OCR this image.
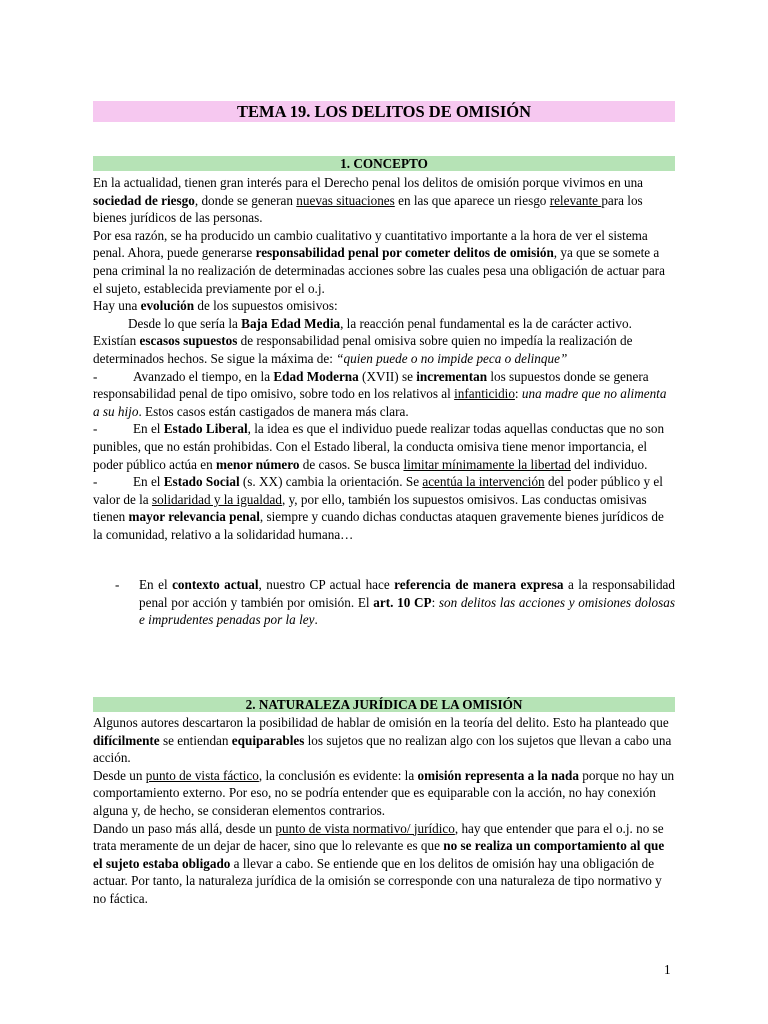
TEMA 19. LOS DELITOS DE OMISIÓN
1. CONCEPTO

En la actualidad, tienen gran interés para el Derecho penal los delitos de omisión porque vivimos en una sociedad de riesgo, donde se generan nuevas situaciones en las que aparece un riesgo relevante para los bienes jurídicos de las personas.

Por esa razón, se ha producido un cambio cualitativo y cuantitativo importante a la hora de ver el sistema penal. Ahora, puede generarse responsabilidad penal por cometer delitos de omisión, ya que se somete a pena criminal la no realización de determinadas acciones sobre las cuales pesa una obligación de actuar para el sujeto, establecida previamente por el o.j.

Hay una evolución de los supuestos omisivos:

Desde lo que sería la Baja Edad Media, la reacción penal fundamental es la de carácter activo.

Existían escasos supuestos de responsabilidad penal omisiva sobre quien no impedía la realización de determinados hechos. Se sigue la máxima de: “quien puede o no impide peca o delinque”

-	Avanzado el tiempo, en la Edad Moderna (XVII) se incrementan los supuestos donde se genera responsabilidad penal de tipo omisivo, sobre todo en los relativos al infanticidio: una madre que no alimenta a su hijo. Estos casos están castigados de manera más clara.

-	En el Estado Liberal, la idea es que el individuo puede realizar todas aquellas conductas que no son punibles, que no están prohibidas. Con el Estado liberal, la conducta omisiva tiene menor importancia, el poder público actúa en menor número de casos. Se busca limitar mínimamente la libertad del individuo.

-	En el Estado Social (s. XX) cambia la orientación. Se acentúa la intervención del poder público y el valor de la solidaridad y la igualdad, y, por ello, también los supuestos omisivos. Las conductas omisivas tienen mayor relevancia penal, siempre y cuando dichas conductas ataquen gravemente bienes jurídicos de la comunidad, relativo a la solidaridad humana…

-	En el contexto actual, nuestro CP actual hace referencia de manera expresa a la responsabilidad penal por acción y también por omisión. El art. 10 CP: son delitos las acciones y omisiones dolosas e imprudentes penadas por la ley.
2. NATURALEZA JURÍDICA DE LA OMISIÓN

Algunos autores descartaron la posibilidad de hablar de omisión en la teoría del delito. Esto ha planteado que difícilmente se entiendan equiparables los sujetos que no realizan algo con los sujetos que llevan a cabo una acción.

Desde un punto de vista fáctico, la conclusión es evidente: la omisión representa a la nada porque no hay un comportamiento externo. Por eso, no se podría entender que es equiparable con la acción, no hay conexión alguna y, de hecho, se consideran elementos contrarios.

Dando un paso más allá, desde un punto de vista normativo/ jurídico, hay que entender que para el o.j. no se trata meramente de un dejar de hacer, sino que lo relevante es que no se realiza un comportamiento al que el sujeto estaba obligado a llevar a cabo. Se entiende que en los delitos de omisión hay una obligación de actuar. Por tanto, la naturaleza jurídica de la omisión se corresponde con una naturaleza de tipo normativo y no fáctica.

1
